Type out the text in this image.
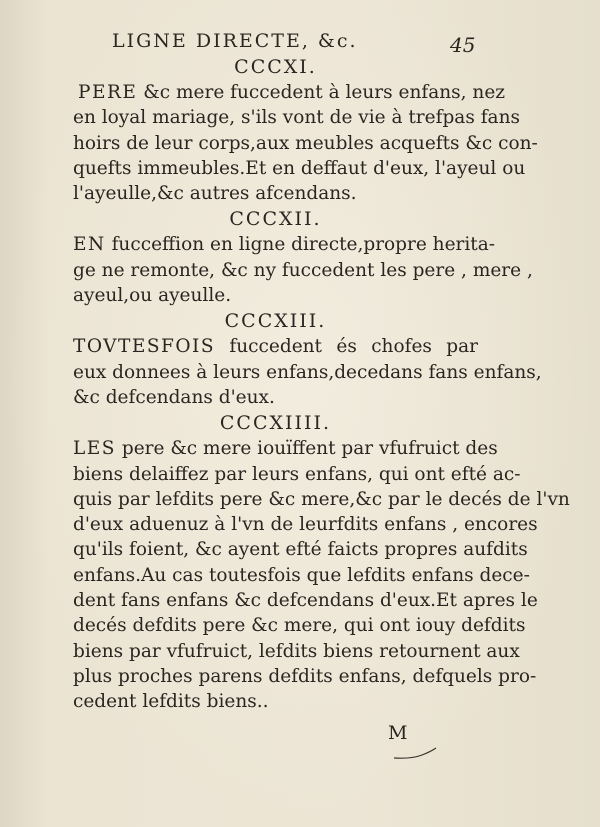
LIGNE DIRECTE, &c.	45
CCCXI.
PERE &c mere fuccedent à leurs enfans, nez
en loyal mariage, s'ils vont de vie à trefpas fans
hoirs de leur corps,aux meubles acquefts &c con-
quefts immeubles.Et en deffaut d'eux, l'ayeul ou
l'ayeulle,&c autres afcendans.
CCCXII.
EN fucceffion en ligne directe,propre herita-
ge ne remonte, &c ny fuccedent les pere , mere ,
ayeul,ou ayeulle.
CCCXIII.
TOVTESFOIS fuccedent és chofes par
eux donnees à leurs enfans,decedans fans enfans,
&c defcendans d'eux.
CCCXIIII.
LES pere &c mere iouïffent par vfufruict des
biens delaiffez par leurs enfans, qui ont efté ac-
quis par lefdits pere &c mere,&c par le decés de l'vn
d'eux aduenuz à l'vn de leurfdits enfans , encores
qu'ils foient, &c ayent efté faicts propres aufdits
enfans.Au cas toutesfois que lefdits enfans dece-
dent fans enfans &c defcendans d'eux.Et apres le
decés defdits pere &c mere, qui ont iouy defdits
biens par vfufruict, lefdits biens retournent aux
plus proches parens defdits enfans, defquels pro-
cedent lefdits biens..
M
